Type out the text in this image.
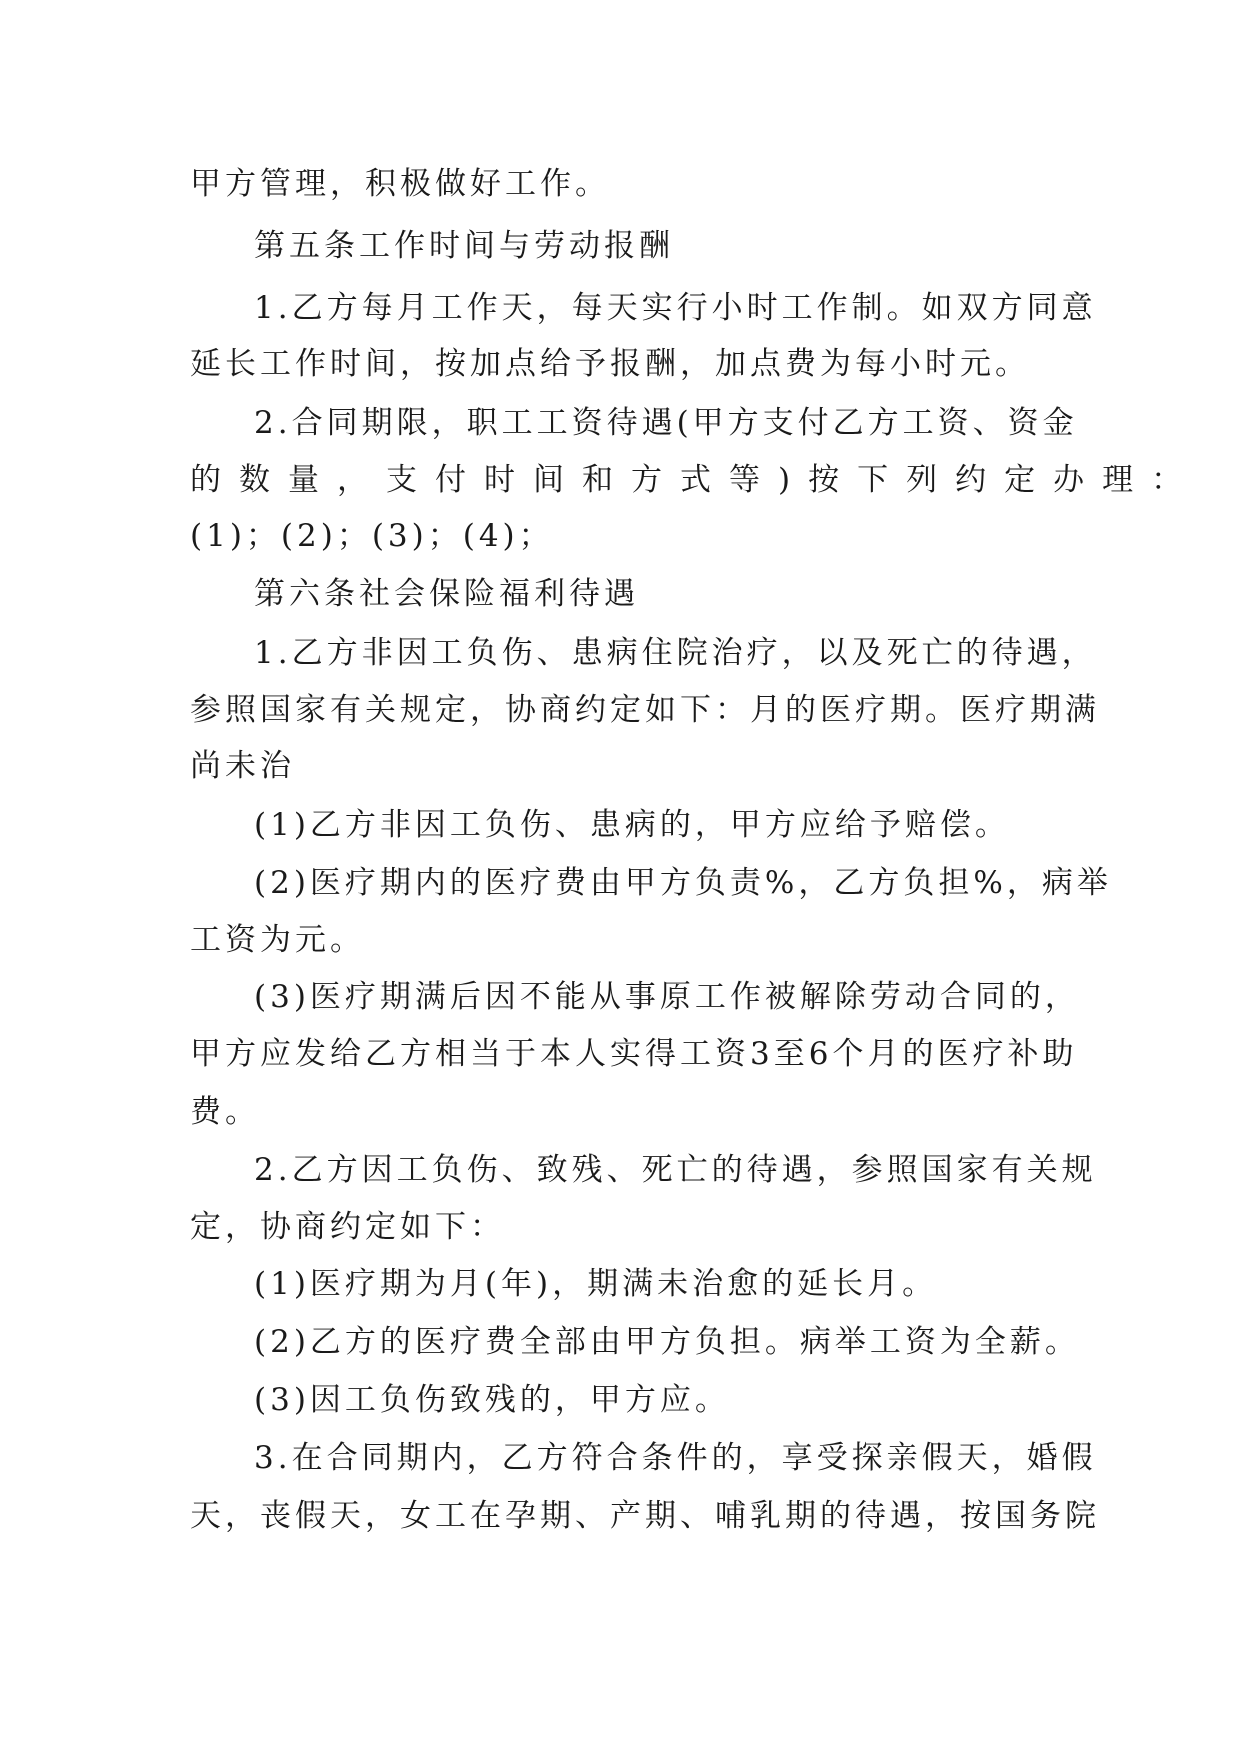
甲方管理，积极做好工作。
第五条工作时间与劳动报酬
1.乙方每月工作天，每天实行小时工作制。如双方同意
延长工作时间，按加点给予报酬，加点费为每小时元。
2.合同期限，职工工资待遇(甲方支付乙方工资、资金
的数量，支付时间和方式等)按下列约定办理：
(1)；(2)；(3)；(4)；
第六条社会保险福利待遇
1.乙方非因工负伤、患病住院治疗，以及死亡的待遇，
参照国家有关规定，协商约定如下：月的医疗期。医疗期满
尚未治
(1)乙方非因工负伤、患病的，甲方应给予赔偿。
(2)医疗期内的医疗费由甲方负责%，乙方负担%，病举
工资为元。
(3)医疗期满后因不能从事原工作被解除劳动合同的，
甲方应发给乙方相当于本人实得工资3至6个月的医疗补助
费。
2.乙方因工负伤、致残、死亡的待遇，参照国家有关规
定，协商约定如下：
(1)医疗期为月(年)，期满未治愈的延长月。
(2)乙方的医疗费全部由甲方负担。病举工资为全薪。
(3)因工负伤致残的，甲方应。
3.在合同期内，乙方符合条件的，享受探亲假天，婚假
天，丧假天，女工在孕期、产期、哺乳期的待遇，按国务院
